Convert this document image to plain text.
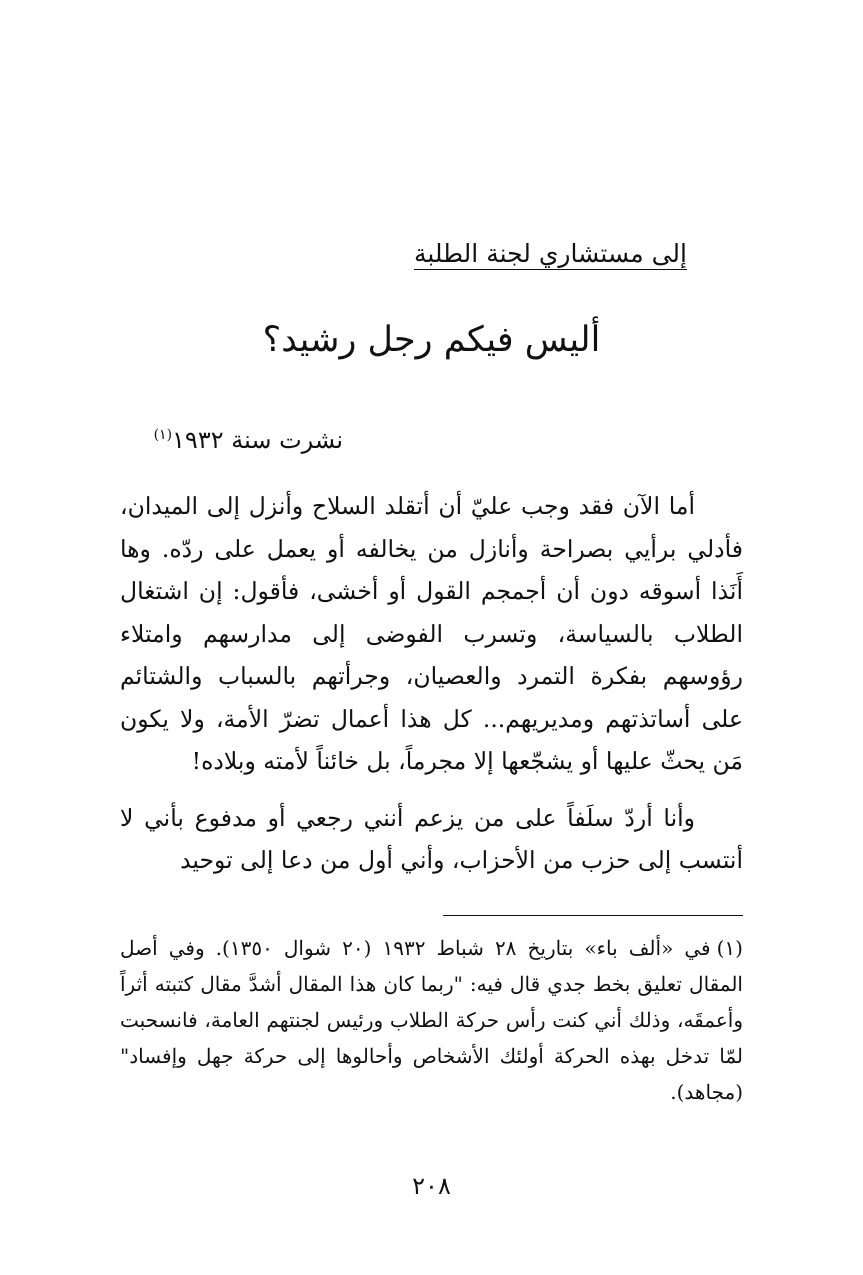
إلى مستشاري لجنة الطلبة
أليس فيكم رجل رشيد؟
نشرت سنة ١٩٣٢$^{(١)}$

أما الآن فقد وجب عليّ أن أتقلد السلاح وأنزل إلى الميدان، فأدلي برأيي بصراحة وأنازل من يخالفه أو يعمل على ردّه. وها أَنَذا أسوقه دون أن أجمجم القول أو أخشى، فأقول: إن اشتغال الطلاب بالسياسة، وتسرب الفوضى إلى مدارسهم وامتلاء رؤوسهم بفكرة التمرد والعصيان، وجرأتهم بالسباب والشتائم على أساتذتهم ومديريهم... كل هذا أعمال تضرّ الأمة، ولا يكون مَن يحثّ عليها أو يشجّعها إلا مجرماً، بل خائناً لأمته وبلاده!

وأنا أردّ سلَفاً على من يزعم أنني رجعي أو مدفوع بأني لا أنتسب إلى حزب من الأحزاب، وأني أول من دعا إلى توحيد

(١)في «ألف باء» بتاريخ ٢٨ شباط ١٩٣٢ (٢٠ شوال ١٣٥٠). وفي أصل المقال تعليق بخط جدي قال فيه: "ربما كان هذا المقال أشدَّ مقال كتبته أثراً وأعمقَه، وذلك أني كنت رأس حركة الطلاب ورئيس لجنتهم العامة، فانسحبت لمّا تدخل بهذه الحركة أولئك الأشخاص وأحالوها إلى حركة جهل وإفساد" (مجاهد).
٢٠٨
